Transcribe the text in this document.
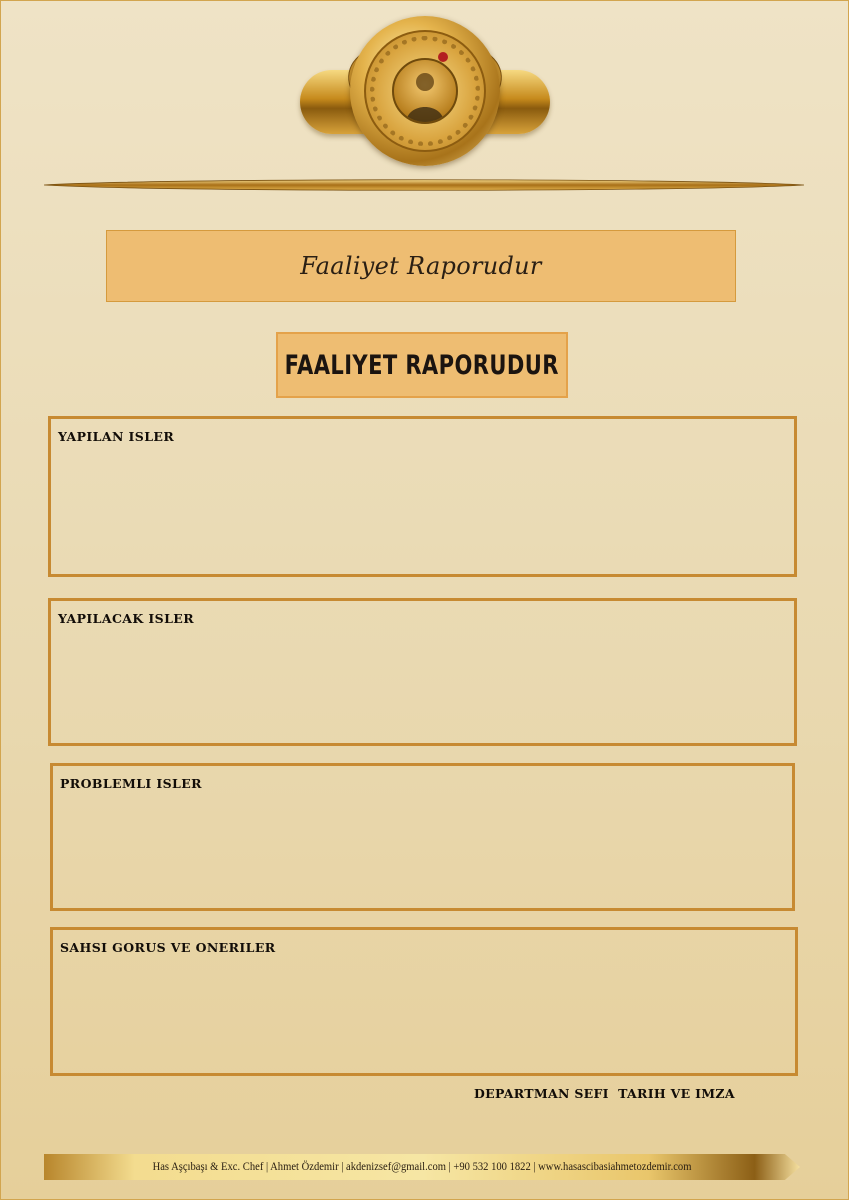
Faaliyet Raporudur
FAALIYET RAPORUDUR
YAPILAN ISLER
YAPILACAK ISLER
PROBLEMLI ISLER
SAHSI GORUS VE ONERILER
DEPARTMAN SEFI  TARIH VE IMZA
Has Aşçıbaşı & Exc. Chef | Ahmet Özdemir | akdenizsef@gmail.com | +90 532 100 1822 | www.hasascibasiahmetozdemir.com
